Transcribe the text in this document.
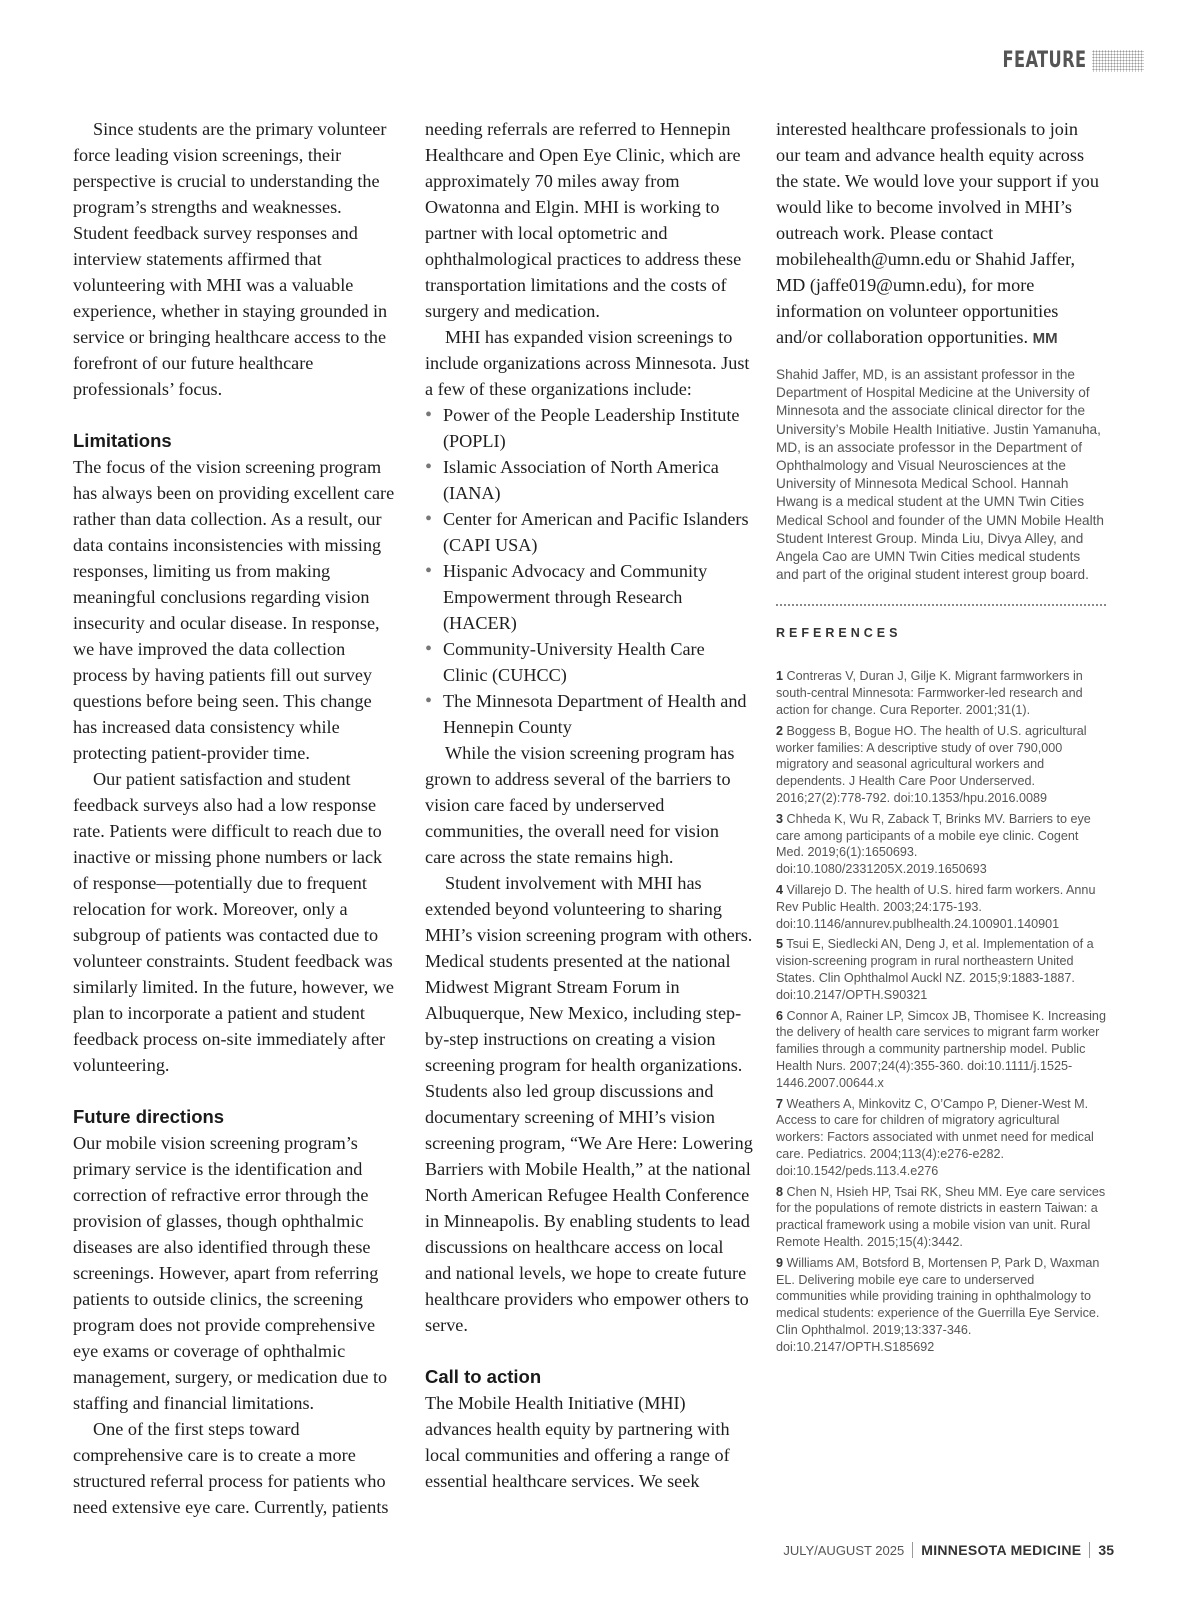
FEATURE

Since students are the primary volunteer force leading vision screenings, their perspective is crucial to understanding the program’s strengths and weaknesses. Student feedback survey responses and interview statements affirmed that volunteering with MHI was a valuable experience, whether in staying grounded in service or bringing healthcare access to the forefront of our future healthcare professionals’ focus.

Limitations

The focus of the vision screening program has always been on providing excellent care rather than data collection. As a result, our data contains inconsistencies with missing responses, limiting us from making meaningful conclusions regarding vision insecurity and ocular disease. In response, we have improved the data collection process by having patients fill out survey questions before being seen. This change has increased data consistency while protecting patient-provider time.

Our patient satisfaction and student feedback surveys also had a low response rate. Patients were difficult to reach due to inactive or missing phone numbers or lack of response—potentially due to frequent relocation for work. Moreover, only a subgroup of patients was contacted due to volunteer constraints. Student feedback was similarly limited. In the future, however, we plan to incorporate a patient and student feedback process on-site immediately after volunteering.

Future directions

Our mobile vision screening program’s primary service is the identification and correction of refractive error through the provision of glasses, though ophthalmic diseases are also identified through these screenings. However, apart from referring patients to outside clinics, the screening program does not provide comprehensive eye exams or coverage of ophthalmic management, surgery, or medication due to staffing and financial limitations.

One of the first steps toward comprehensive care is to create a more structured referral process for patients who need extensive eye care. Currently, patients

needing referrals are referred to Hennepin Healthcare and Open Eye Clinic, which are approximately 70 miles away from Owatonna and Elgin. MHI is working to partner with local optometric and ophthalmological practices to address these transportation limitations and the costs of surgery and medication.

MHI has expanded vision screenings to include organizations across Minnesota. Just a few of these organizations include:

• Power of the People Leadership Institute (POPLI)
• Islamic Association of North America (IANA)
• Center for American and Pacific Islanders (CAPI USA)
• Hispanic Advocacy and Community Empowerment through Research (HACER)
• Community-University Health Care Clinic (CUHCC)
• The Minnesota Department of Health and Hennepin County

While the vision screening program has grown to address several of the barriers to vision care faced by underserved communities, the overall need for vision care across the state remains high.

Student involvement with MHI has extended beyond volunteering to sharing MHI’s vision screening program with others. Medical students presented at the national Midwest Migrant Stream Forum in Albuquerque, New Mexico, including step-by-step instructions on creating a vision screening program for health organizations. Students also led group discussions and documentary screening of MHI’s vision screening program, “We Are Here: Lowering Barriers with Mobile Health,” at the national North American Refugee Health Conference in Minneapolis. By enabling students to lead discussions on healthcare access on local and national levels, we hope to create future healthcare providers who empower others to serve.

Call to action

The Mobile Health Initiative (MHI) advances health equity by partnering with local communities and offering a range of essential healthcare services. We seek

interested healthcare professionals to join our team and advance health equity across the state. We would love your support if you would like to become involved in MHI’s outreach work. Please contact mobilehealth@umn.edu or Shahid Jaffer, MD (jaffe019@umn.edu), for more information on volunteer opportunities and/or collaboration opportunities. MM

Shahid Jaffer, MD, is an assistant professor in the Department of Hospital Medicine at the University of Minnesota and the associate clinical director for the University’s Mobile Health Initiative. Justin Yamanuha, MD, is an associate professor in the Department of Ophthalmology and Visual Neurosciences at the University of Minnesota Medical School. Hannah Hwang is a medical student at the UMN Twin Cities Medical School and founder of the UMN Mobile Health Student Interest Group. Minda Liu, Divya Alley, and Angela Cao are UMN Twin Cities medical students and part of the original student interest group board.

REFERENCES
1 Contreras V, Duran J, Gilje K. Migrant farmworkers in south-central Minnesota: Farmworker-led research and action for change. Cura Reporter. 2001;31(1).
2 Boggess B, Bogue HO. The health of U.S. agricultural worker families: A descriptive study of over 790,000 migratory and seasonal agricultural workers and dependents. J Health Care Poor Underserved. 2016;27(2):778-792. doi:10.1353/hpu.2016.0089
3 Chheda K, Wu R, Zaback T, Brinks MV. Barriers to eye care among participants of a mobile eye clinic. Cogent Med. 2019;6(1):1650693. doi:10.1080/2331205X.2019.1650693
4 Villarejo D. The health of U.S. hired farm workers. Annu Rev Public Health. 2003;24:175-193. doi:10.1146/annurev.publhealth.24.100901.140901
5 Tsui E, Siedlecki AN, Deng J, et al. Implementation of a vision-screening program in rural northeastern United States. Clin Ophthalmol Auckl NZ. 2015;9:1883-1887. doi:10.2147/OPTH.S90321
6 Connor A, Rainer LP, Simcox JB, Thomisee K. Increasing the delivery of health care services to migrant farm worker families through a community partnership model. Public Health Nurs. 2007;24(4):355-360. doi:10.1111/j.1525-1446.2007.00644.x
7 Weathers A, Minkovitz C, O’Campo P, Diener-West M. Access to care for children of migratory agricultural workers: Factors associated with unmet need for medical care. Pediatrics. 2004;113(4):e276-e282. doi:10.1542/peds.113.4.e276
8 Chen N, Hsieh HP, Tsai RK, Sheu MM. Eye care services for the populations of remote districts in eastern Taiwan: a practical framework using a mobile vision van unit. Rural Remote Health. 2015;15(4):3442.
9 Williams AM, Botsford B, Mortensen P, Park D, Waxman EL. Delivering mobile eye care to underserved communities while providing training in ophthalmology to medical students: experience of the Guerrilla Eye Service. Clin Ophthalmol. 2019;13:337-346. doi:10.2147/OPTH.S185692
JULY/AUGUST 2025 MINNESOTA MEDICINE 35
